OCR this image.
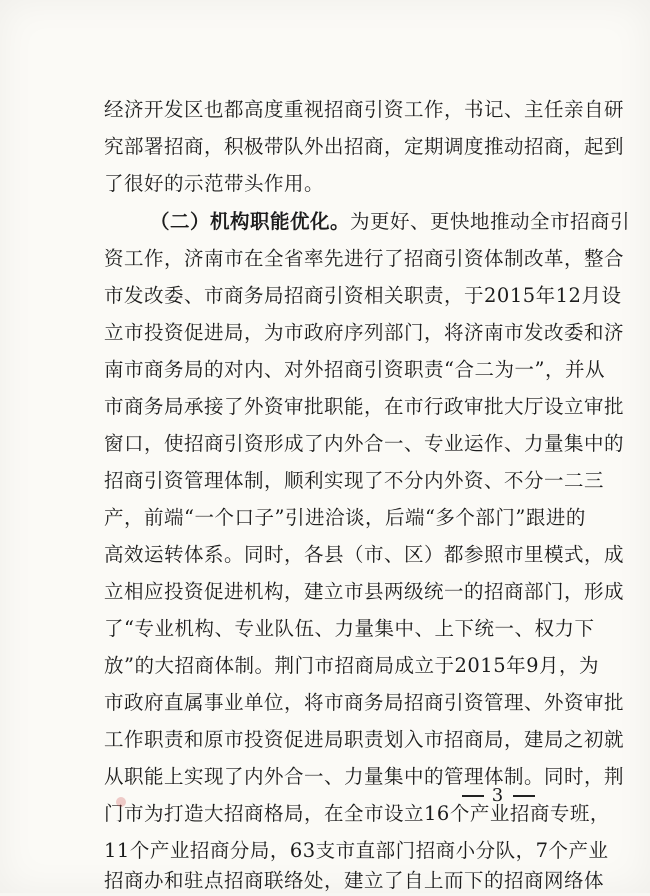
经济开发区也都高度重视招商引资工作，书记、主任亲自研
究部署招商，积极带队外出招商，定期调度推动招商，起到
了很好的示范带头作用。
（二）机构职能优化。为更好、更快地推动全市招商引
资工作，济南市在全省率先进行了招商引资体制改革，整合
市发改委、市商务局招商引资相关职责，于2015年12月设
立市投资促进局，为市政府序列部门，将济南市发改委和济
南市商务局的对内、对外招商引资职责“合二为一”，并从
市商务局承接了外资审批职能，在市行政审批大厅设立审批
窗口，使招商引资形成了内外合一、专业运作、力量集中的
招商引资管理体制，顺利实现了不分内外资、不分一二三
产，前端“一个口子”引进洽谈，后端“多个部门”跟进的
高效运转体系。同时，各县（市、区）都参照市里模式，成
立相应投资促进机构，建立市县两级统一的招商部门，形成
了“专业机构、专业队伍、力量集中、上下统一、权力下
放”的大招商体制。荆门市招商局成立于2015年9月，为
市政府直属事业单位，将市商务局招商引资管理、外资审批
工作职责和原市投资促进局职责划入市招商局，建局之初就
从职能上实现了内外合一、力量集中的管理体制。同时，荆
门市为打造大招商格局，在全市设立16个产业招商专班，
11个产业招商分局，63支市直部门招商小分队，7个产业
招商办和驻点招商联络处，建立了自上而下的招商网络体
3
